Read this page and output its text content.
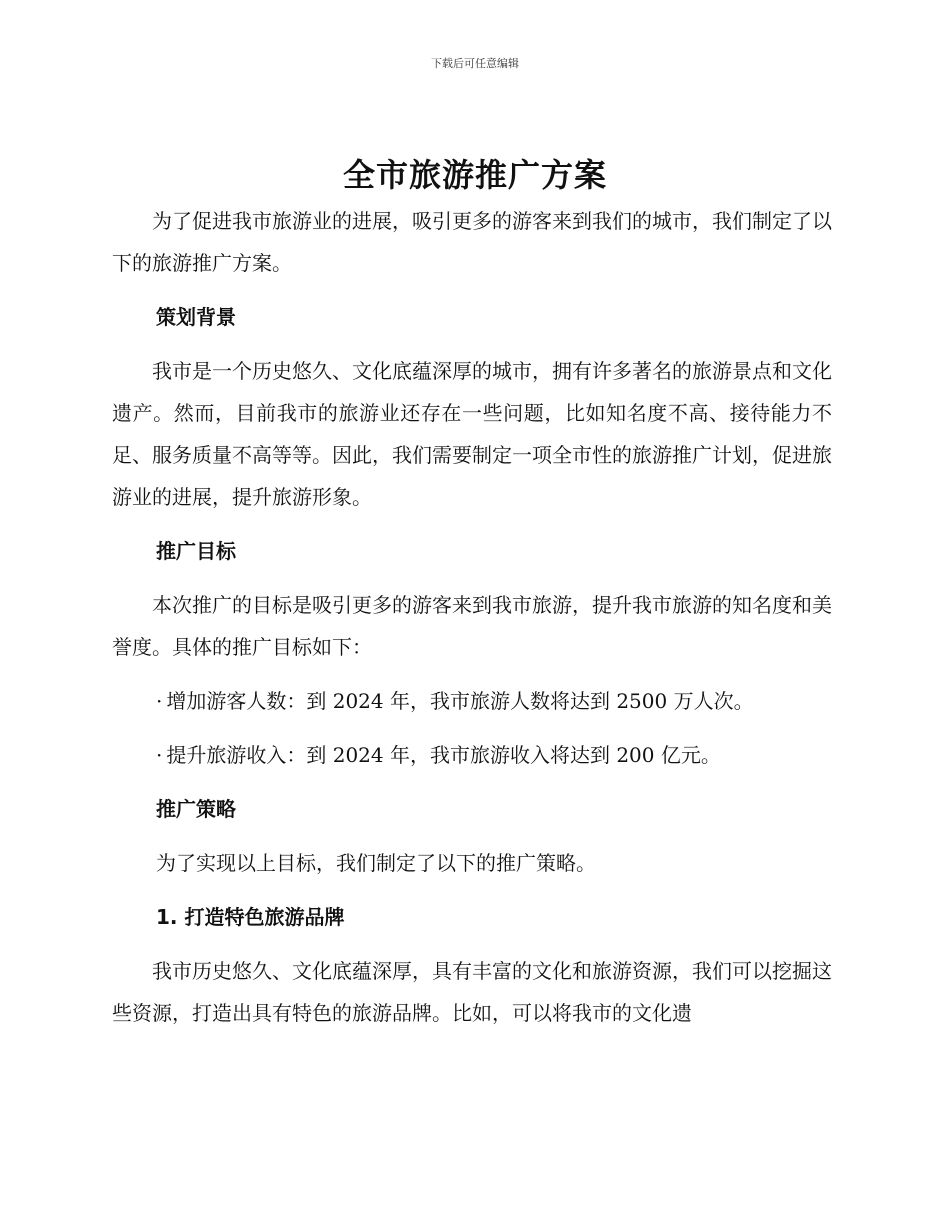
下载后可任意编辑
全市旅游推广方案

为了促进我市旅游业的进展，吸引更多的游客来到我们的城市，我们制定了以下的旅游推广方案。

策划背景

我市是一个历史悠久、文化底蕴深厚的城市，拥有许多著名的旅游景点和文化遗产。然而，目前我市的旅游业还存在一些问题，比如知名度不高、接待能力不足、服务质量不高等等。因此，我们需要制定一项全市性的旅游推广计划，促进旅游业的进展，提升旅游形象。

推广目标

本次推广的目标是吸引更多的游客来到我市旅游，提升我市旅游的知名度和美誉度。具体的推广目标如下：

· 增加游客人数：到 2024 年，我市旅游人数将达到 2500 万人次。
· 提升旅游收入：到 2024 年，我市旅游收入将达到 200 亿元。
推广策略

为了实现以上目标，我们制定了以下的推广策略。

1. 打造特色旅游品牌

我市历史悠久、文化底蕴深厚，具有丰富的文化和旅游资源，我们可以挖掘这些资源，打造出具有特色的旅游品牌。比如，可以将我市的文化遗
